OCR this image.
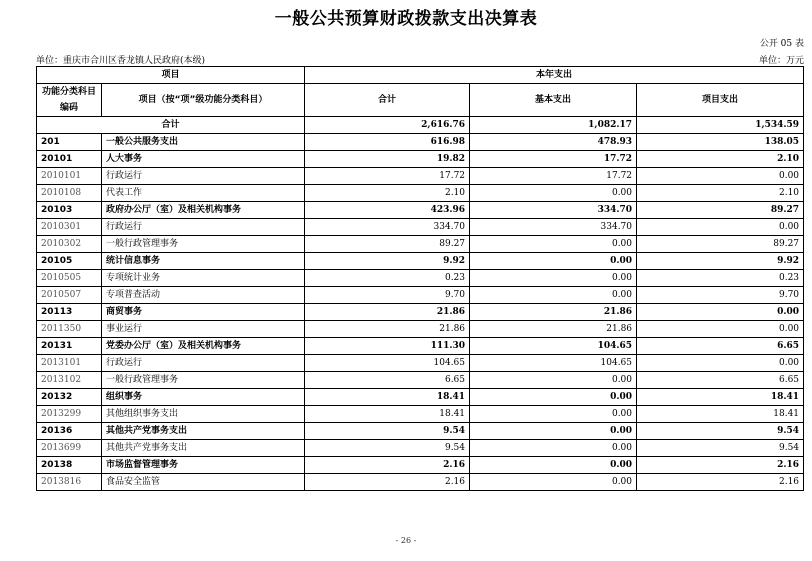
一般公共预算财政拨款支出决算表
公开 05 表
单位：重庆市合川区香龙镇人民政府(本级)	单位：万元
项目		本年支出		
功能分类科目编码	项目（按“项”级功能分类科目）	合计	基本支出	项目支出
合计		2,616.76	1,082.17	1,534.59
201	一般公共服务支出	616.98	478.93	138.05
20101	人大事务	19.82	17.72	2.10
2010101	行政运行	17.72	17.72	0.00
2010108	代表工作	2.10	0.00	2.10
20103	政府办公厅（室）及相关机构事务	423.96	334.70	89.27
2010301	行政运行	334.70	334.70	0.00
2010302	一般行政管理事务	89.27	0.00	89.27
20105	统计信息事务	9.92	0.00	9.92
2010505	专项统计业务	0.23	0.00	0.23
2010507	专项普查活动	9.70	0.00	9.70
20113	商贸事务	21.86	21.86	0.00
2011350	事业运行	21.86	21.86	0.00
20131	党委办公厅（室）及相关机构事务	111.30	104.65	6.65
2013101	行政运行	104.65	104.65	0.00
2013102	一般行政管理事务	6.65	0.00	6.65
20132	组织事务	18.41	0.00	18.41
2013299	其他组织事务支出	18.41	0.00	18.41
20136	其他共产党事务支出	9.54	0.00	9.54
2013699	其他共产党事务支出	9.54	0.00	9.54
20138	市场监督管理事务	2.16	0.00	2.16
2013816	食品安全监管	2.16	0.00	2.16
- 26 -
